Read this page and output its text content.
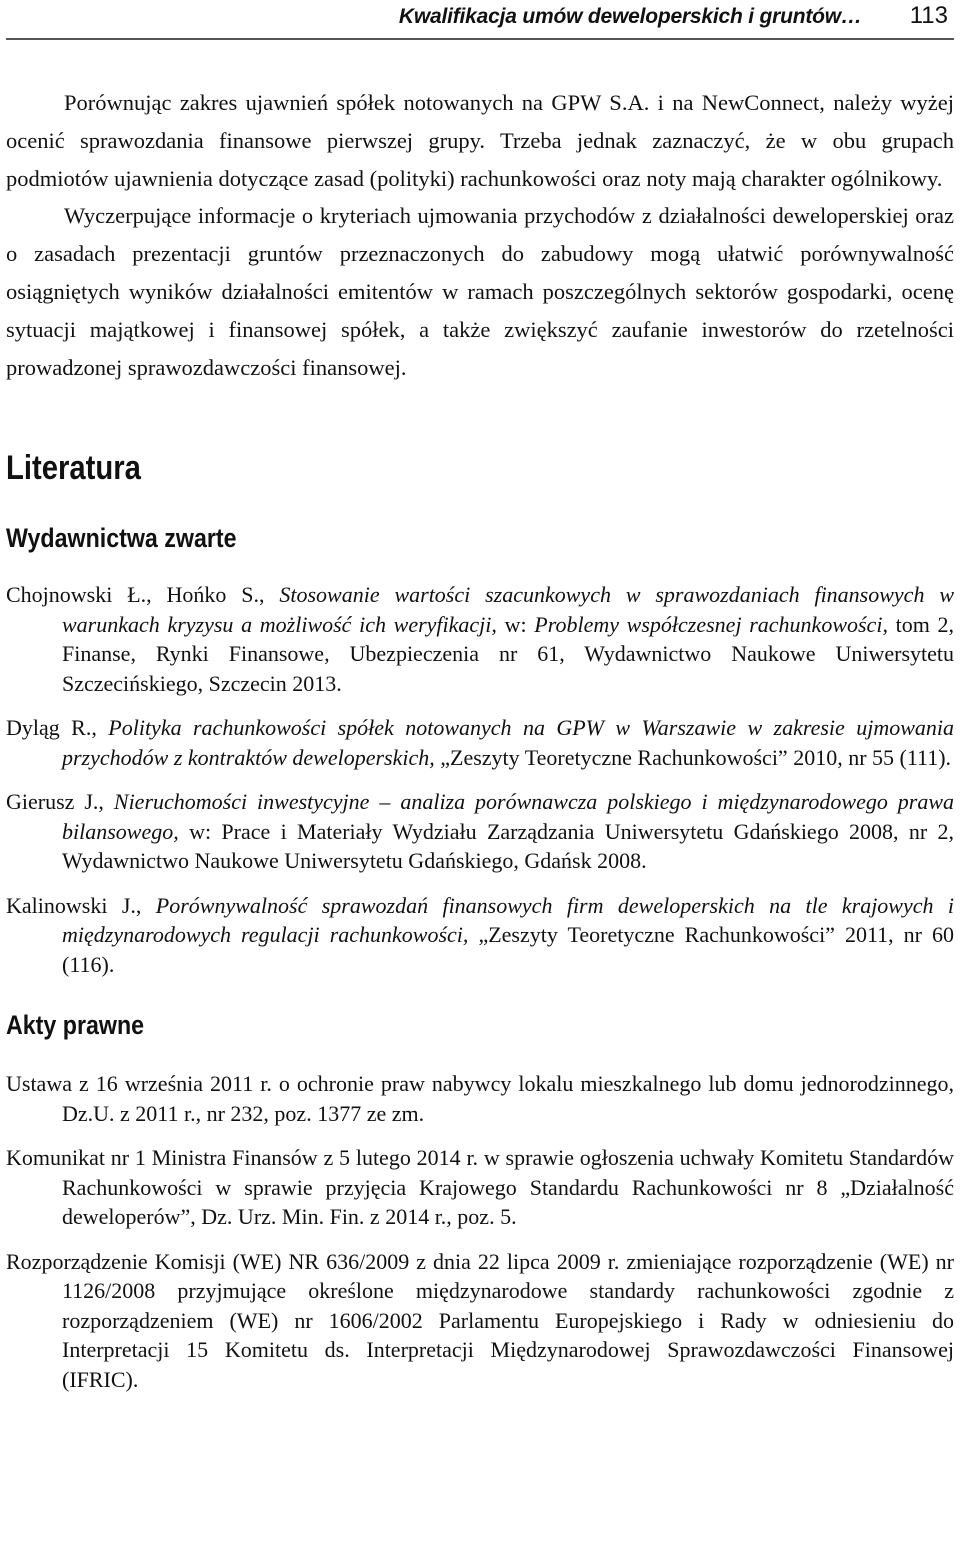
Kwalifikacja umów deweloperskich i gruntów… 113

Porównując zakres ujawnień spółek notowanych na GPW S.A. i na NewConnect, należy wyżej ocenić sprawozdania finansowe pierwszej grupy. Trzeba jednak zaznaczyć, że w obu grupach podmiotów ujawnienia dotyczące zasad (polityki) rachunkowości oraz noty mają charakter ogólnikowy.

Wyczerpujące informacje o kryteriach ujmowania przychodów z działalności deweloperskiej oraz o zasadach prezentacji gruntów przeznaczonych do zabudowy mogą ułatwić porównywalność osiągniętych wyników działalności emitentów w ramach poszczególnych sektorów gospodarki, ocenę sytuacji majątkowej i finansowej spółek, a także zwiększyć zaufanie inwestorów do rzetelności prowadzonej sprawozdawczości finansowej.

Literatura
Wydawnictwa zwarte

Chojnowski Ł., Hońko S., Stosowanie wartości szacunkowych w sprawozdaniach finansowych w warunkach kryzysu a możliwość ich weryfikacji, w: Problemy współczesnej rachunkowości, tom 2, Finanse, Rynki Finansowe, Ubezpieczenia nr 61, Wydawnictwo Naukowe Uniwersytetu Szczecińskiego, Szczecin 2013.

Dyląg R., Polityka rachunkowości spółek notowanych na GPW w Warszawie w zakresie ujmowania przychodów z kontraktów deweloperskich, „Zeszyty Teoretyczne Rachunkowości” 2010, nr 55 (111).

Gierusz J., Nieruchomości inwestycyjne – analiza porównawcza polskiego i międzynarodowego prawa bilansowego, w: Prace i Materiały Wydziału Zarządzania Uniwersytetu Gdańskiego 2008, nr 2, Wydawnictwo Naukowe Uniwersytetu Gdańskiego, Gdańsk 2008.

Kalinowski J., Porównywalność sprawozdań finansowych firm deweloperskich na tle krajowych i międzynarodowych regulacji rachunkowości, „Zeszyty Teoretyczne Rachunkowości” 2011, nr 60 (116).

Akty prawne

Ustawa z 16 września 2011 r. o ochronie praw nabywcy lokalu mieszkalnego lub domu jednorodzinnego, Dz.U. z 2011 r., nr 232, poz. 1377 ze zm.

Komunikat nr 1 Ministra Finansów z 5 lutego 2014 r. w sprawie ogłoszenia uchwały Komitetu Standardów Rachunkowości w sprawie przyjęcia Krajowego Standardu Rachunkowości nr 8 „Działalność deweloperów”, Dz. Urz. Min. Fin. z 2014 r., poz. 5.

Rozporządzenie Komisji (WE) NR 636/2009 z dnia 22 lipca 2009 r. zmieniające rozporządzenie (WE) nr 1126/2008 przyjmujące określone międzynarodowe standardy rachunkowości zgodnie z rozporządzeniem (WE) nr 1606/2002 Parlamentu Europejskiego i Rady w odniesieniu do Interpretacji 15 Komitetu ds. Interpretacji Międzynarodowej Sprawozdawczości Finansowej (IFRIC).
